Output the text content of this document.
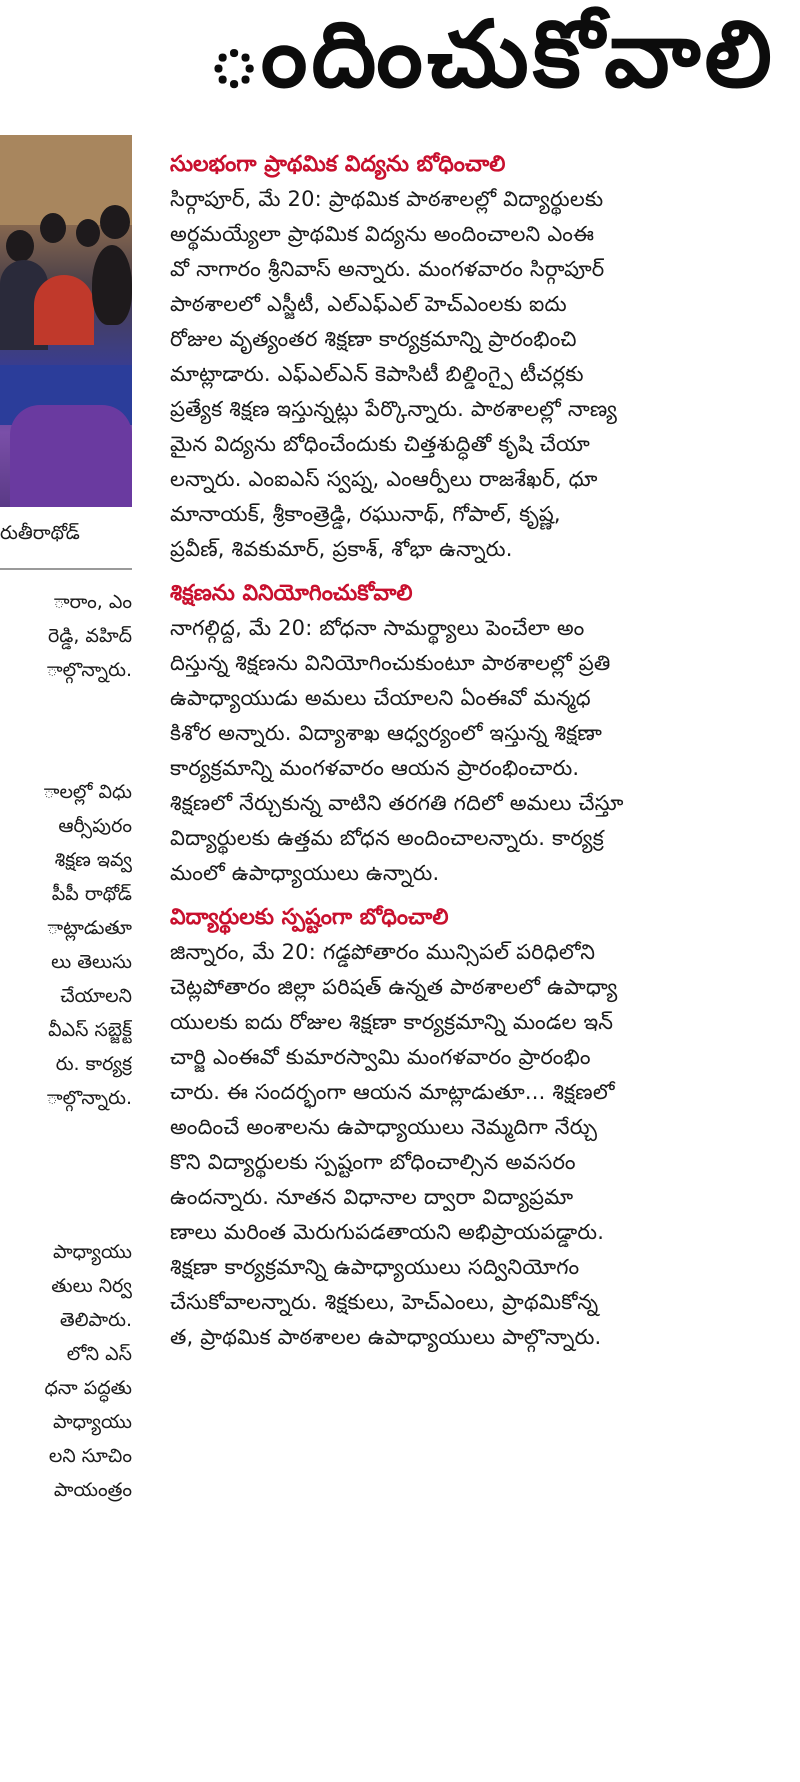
ందించుకోవాలి
రుతీరాథోడ్
ారాం, ఎం
రెడ్డి, వహిద్
ాల్గొన్నారు.
ాలల్లో విధు
ఆర్సీపురం
శిక్షణ ఇవ్వ
పీపీ రాథోడ్
ాట్లాడుతూ
లు తెలుసు
చేయాలని
వీఎస్ సబ్జెక్ట్
రు. కార్యక్ర
ాల్గొన్నారు.
పాధ్యాయు
తులు నిర్వ
తెలిపారు.
లోని ఎస్
ధనా పద్ధతు
పాధ్యాయు
లని సూచిం
పాయంత్రం
సులభంగా ప్రాథమిక విద్యను బోధించాలి
సిర్గాపూర్, మే 20: ప్రాథమిక పాఠశాలల్లో విద్యార్థులకు
అర్థమయ్యేలా ప్రాథమిక విద్యను అందించాలని ఎంఈ
వో నాగారం శ్రీనివాస్ అన్నారు. మంగళవారం సిర్గాపూర్
పాఠశాలలో ఎస్జీటీ, ఎల్ఎఫ్ఎల్ హెచ్ఎంలకు ఐదు
రోజుల వృత్యంతర శిక్షణా కార్యక్రమాన్ని ప్రారంభించి
మాట్లాడారు. ఎఫ్ఎల్ఎన్ కెపాసిటీ బిల్డింగ్పై టీచర్లకు
ప్రత్యేక శిక్షణ ఇస్తున్నట్లు పేర్కొన్నారు. పాఠశాలల్లో నాణ్య
మైన విద్యను బోధించేందుకు చిత్తశుద్ధితో కృషి చేయా
లన్నారు. ఎంఐఎస్ స్వప్న, ఎంఆర్పీలు రాజశేఖర్, ధూ
మానాయక్, శ్రీకాంత్రెడ్డి, రఘునాథ్, గోపాల్, కృష్ణ,
ప్రవీణ్, శివకుమార్, ప్రకాశ్, శోభా ఉన్నారు.
శిక్షణను వినియోగించుకోవాలి
నాగల్గిద్ద, మే 20: బోధనా సామర్థ్యాలు పెంచేలా అం
దిస్తున్న శిక్షణను వినియోగించుకుంటూ పాఠశాలల్లో ప్రతి
ఉపాధ్యాయుడు అమలు చేయాలని ఏంఈవో మన్మధ
కిశోర అన్నారు. విద్యాశాఖ ఆధ్వర్యంలో ఇస్తున్న శిక్షణా
కార్యక్రమాన్ని మంగళవారం ఆయన ప్రారంభించారు.
శిక్షణలో నేర్చుకున్న వాటిని తరగతి గదిలో అమలు చేస్తూ
విద్యార్థులకు ఉత్తమ బోధన అందించాలన్నారు. కార్యక్ర
మంలో ఉపాధ్యాయులు ఉన్నారు.
విద్యార్థులకు స్పష్టంగా బోధించాలి
జిన్నారం, మే 20: గడ్డపోతారం మున్సిపల్ పరిధిలోని
చెట్లపోతారం జిల్లా పరిషత్ ఉన్నత పాఠశాలలో ఉపాధ్యా
యులకు ఐదు రోజుల శిక్షణా కార్యక్రమాన్ని మండల ఇన్
చార్జి ఎంఈవో కుమారస్వామి మంగళవారం ప్రారంభిం
చారు. ఈ సందర్భంగా ఆయన మాట్లాడుతూ... శిక్షణలో
అందించే అంశాలను ఉపాధ్యాయులు నెమ్మదిగా నేర్చు
కొని విద్యార్థులకు స్పష్టంగా బోధించాల్సిన అవసరం
ఉందన్నారు. నూతన విధానాల ద్వారా విద్యాప్రమా
ణాలు మరింత మెరుగుపడతాయని అభిప్రాయపడ్డారు.
శిక్షణా కార్యక్రమాన్ని ఉపాధ్యాయులు సద్వినియోగం
చేసుకోవాలన్నారు. శిక్షకులు, హెచ్ఎంలు, ప్రాథమికోన్న
త, ప్రాథమిక పాఠశాలల ఉపాధ్యాయులు పాల్గొన్నారు.
